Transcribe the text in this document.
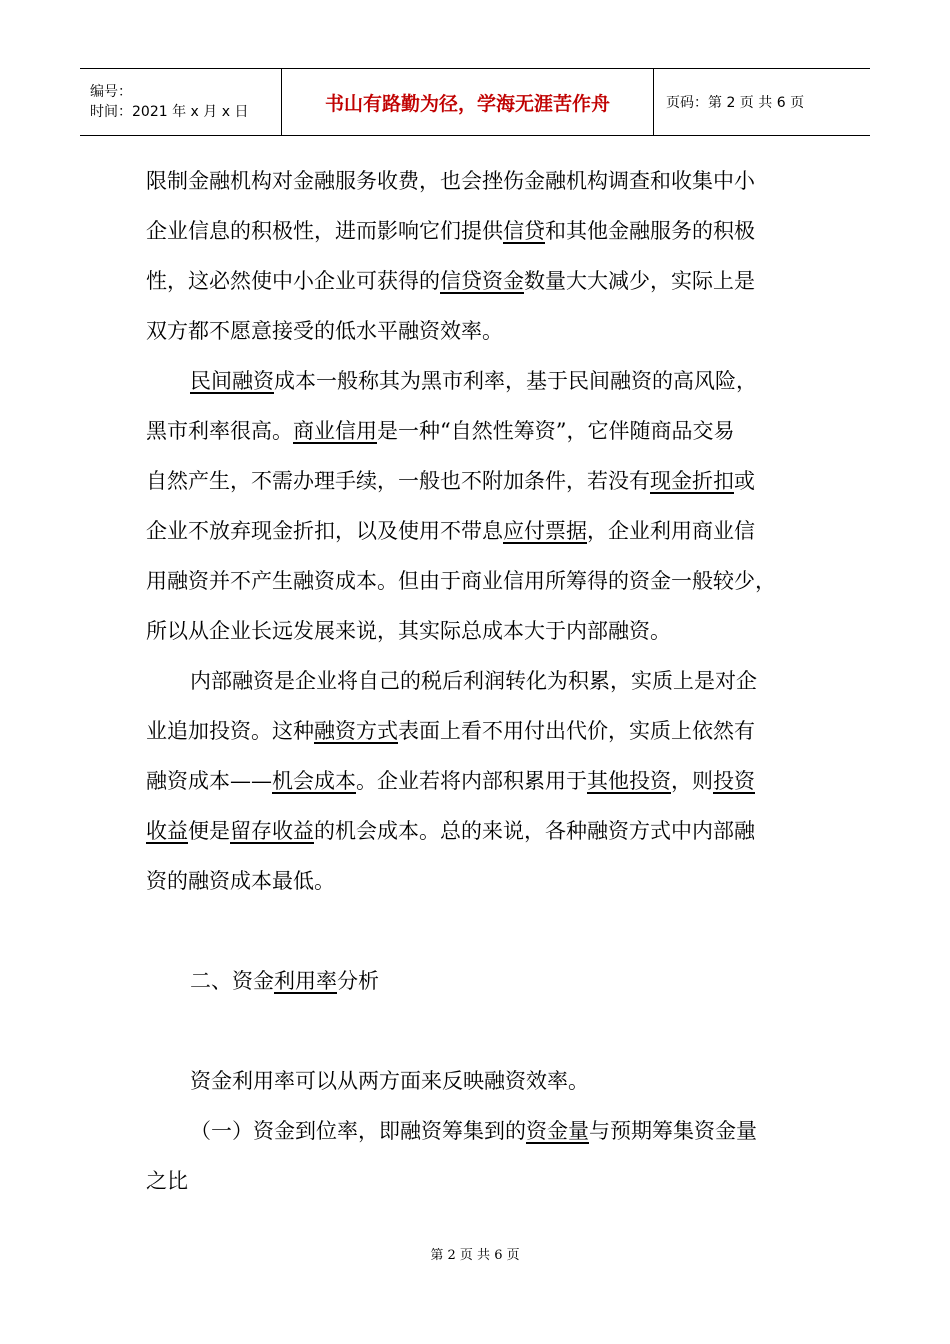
编号：
时间：2021 年 x 月 x 日	书山有路勤为径，学海无涯苦作舟	页码：第 2 页 共 6 页
限制金融机构对金融服务收费，也会挫伤金融机构调查和收集中小
企业信息的积极性，进而影响它们提供信贷和其他金融服务的积极
性，这必然使中小企业可获得的信贷资金数量大大减少，实际上是
双方都不愿意接受的低水平融资效率。
民间融资成本一般称其为黑市利率，基于民间融资的高风险，
黑市利率很高。商业信用是一种“自然性筹资”，它伴随商品交易
自然产生，不需办理手续，一般也不附加条件，若没有现金折扣或
企业不放弃现金折扣，以及使用不带息应付票据，企业利用商业信
用融资并不产生融资成本。但由于商业信用所筹得的资金一般较少，
所以从企业长远发展来说，其实际总成本大于内部融资。
内部融资是企业将自己的税后利润转化为积累，实质上是对企
业追加投资。这种融资方式表面上看不用付出代价，实质上依然有
融资成本——机会成本。企业若将内部积累用于其他投资，则投资
收益便是留存收益的机会成本。总的来说，各种融资方式中内部融
资的融资成本最低。
二、资金利用率分析
资金利用率可以从两方面来反映融资效率。
（一）资金到位率，即融资筹集到的资金量与预期筹集资金量
之比
第 2 页 共 6 页
